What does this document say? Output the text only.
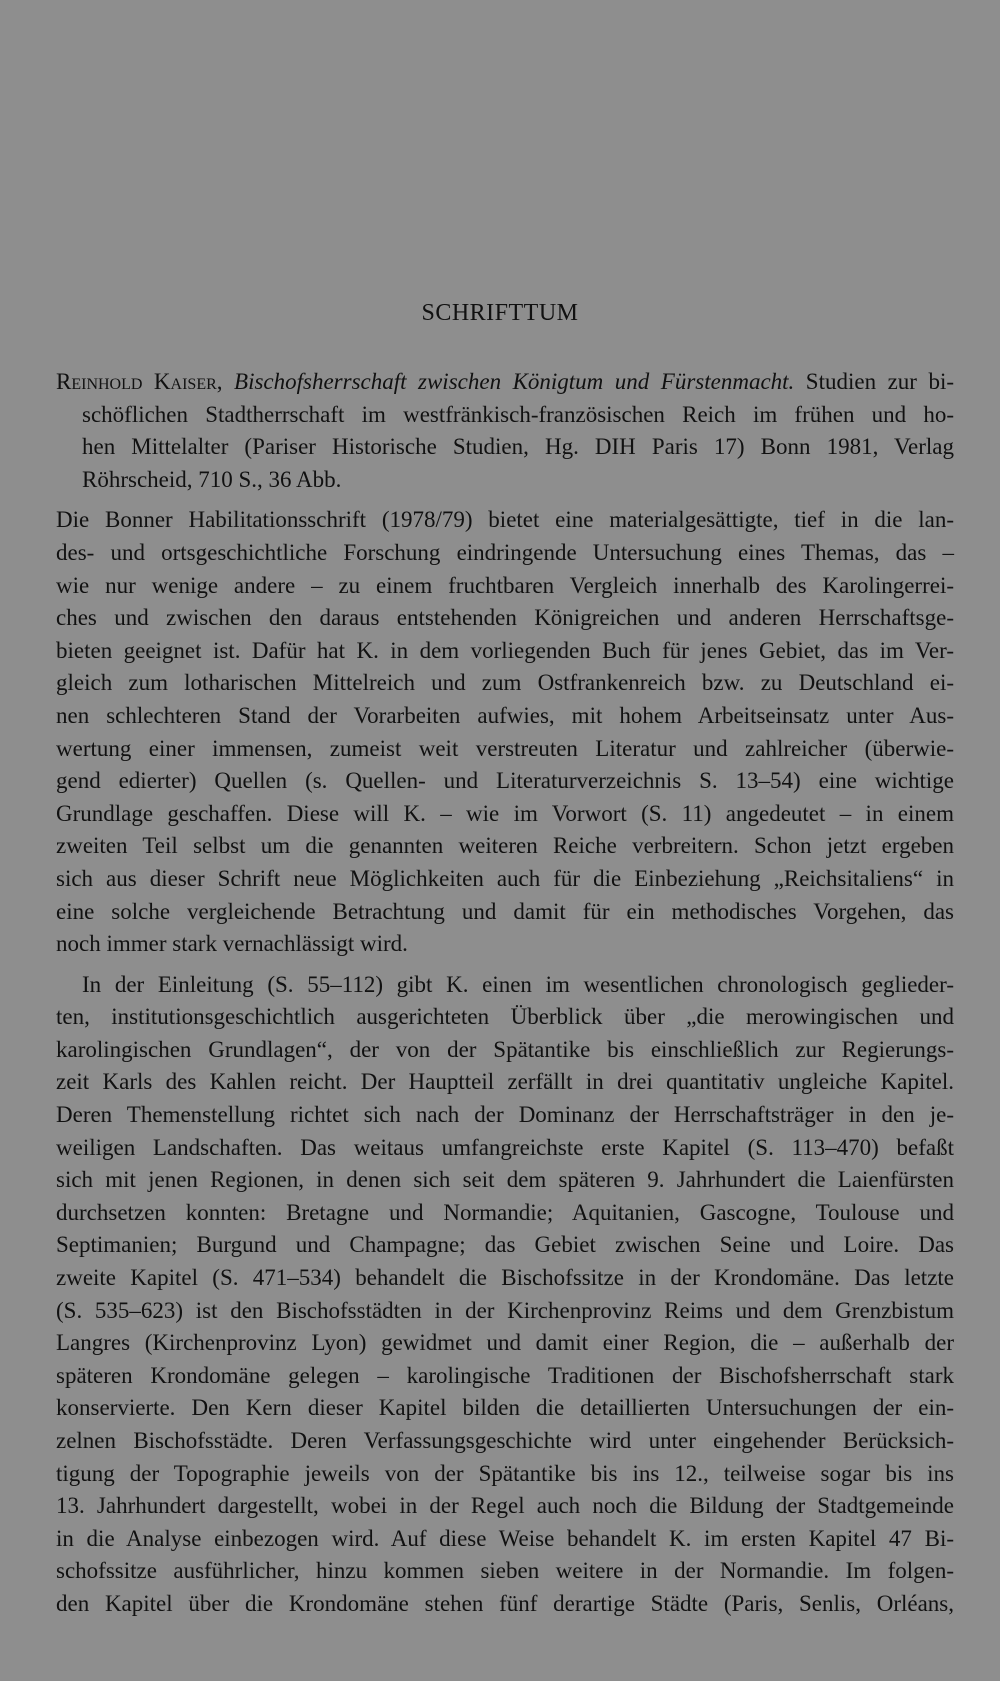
SCHRIFTTUM
Reinhold Kaiser, Bischofsherrschaft zwischen Königtum und Fürstenmacht. Studien zur bi-
schöflichen Stadtherrschaft im westfränkisch-französischen Reich im frühen und ho-
hen Mittelalter (Pariser Historische Studien, Hg. DIH Paris 17) Bonn 1981, Verlag
Röhrscheid, 710 S., 36 Abb.
Die Bonner Habilitationsschrift (1978/79) bietet eine materialgesättigte, tief in die lan-
des- und ortsgeschichtliche Forschung eindringende Untersuchung eines Themas, das –
wie nur wenige andere – zu einem fruchtbaren Vergleich innerhalb des Karolingerrei-
ches und zwischen den daraus entstehenden Königreichen und anderen Herrschaftsge-
bieten geeignet ist. Dafür hat K. in dem vorliegenden Buch für jenes Gebiet, das im Ver-
gleich zum lotharischen Mittelreich und zum Ostfrankenreich bzw. zu Deutschland ei-
nen schlechteren Stand der Vorarbeiten aufwies, mit hohem Arbeitseinsatz unter Aus-
wertung einer immensen, zumeist weit verstreuten Literatur und zahlreicher (überwie-
gend edierter) Quellen (s. Quellen- und Literaturverzeichnis S. 13–54) eine wichtige
Grundlage geschaffen. Diese will K. – wie im Vorwort (S. 11) angedeutet – in einem
zweiten Teil selbst um die genannten weiteren Reiche verbreitern. Schon jetzt ergeben
sich aus dieser Schrift neue Möglichkeiten auch für die Einbeziehung „Reichsitaliens“ in
eine solche vergleichende Betrachtung und damit für ein methodisches Vorgehen, das
noch immer stark vernachlässigt wird.
In der Einleitung (S. 55–112) gibt K. einen im wesentlichen chronologisch geglieder-
ten, institutionsgeschichtlich ausgerichteten Überblick über „die merowingischen und
karolingischen Grundlagen“, der von der Spätantike bis einschließlich zur Regierungs-
zeit Karls des Kahlen reicht. Der Hauptteil zerfällt in drei quantitativ ungleiche Kapitel.
Deren Themenstellung richtet sich nach der Dominanz der Herrschaftsträger in den je-
weiligen Landschaften. Das weitaus umfangreichste erste Kapitel (S. 113–470) befaßt
sich mit jenen Regionen, in denen sich seit dem späteren 9. Jahrhundert die Laienfürsten
durchsetzen konnten: Bretagne und Normandie; Aquitanien, Gascogne, Toulouse und
Septimanien; Burgund und Champagne; das Gebiet zwischen Seine und Loire. Das
zweite Kapitel (S. 471–534) behandelt die Bischofssitze in der Krondomäne. Das letzte
(S. 535–623) ist den Bischofsstädten in der Kirchenprovinz Reims und dem Grenzbistum
Langres (Kirchenprovinz Lyon) gewidmet und damit einer Region, die – außerhalb der
späteren Krondomäne gelegen – karolingische Traditionen der Bischofsherrschaft stark
konservierte. Den Kern dieser Kapitel bilden die detaillierten Untersuchungen der ein-
zelnen Bischofsstädte. Deren Verfassungsgeschichte wird unter eingehender Berücksich-
tigung der Topographie jeweils von der Spätantike bis ins 12., teilweise sogar bis ins
13. Jahrhundert dargestellt, wobei in der Regel auch noch die Bildung der Stadtgemeinde
in die Analyse einbezogen wird. Auf diese Weise behandelt K. im ersten Kapitel 47 Bi-
schofssitze ausführlicher, hinzu kommen sieben weitere in der Normandie. Im folgen-
den Kapitel über die Krondomäne stehen fünf derartige Städte (Paris, Senlis, Orléans,
